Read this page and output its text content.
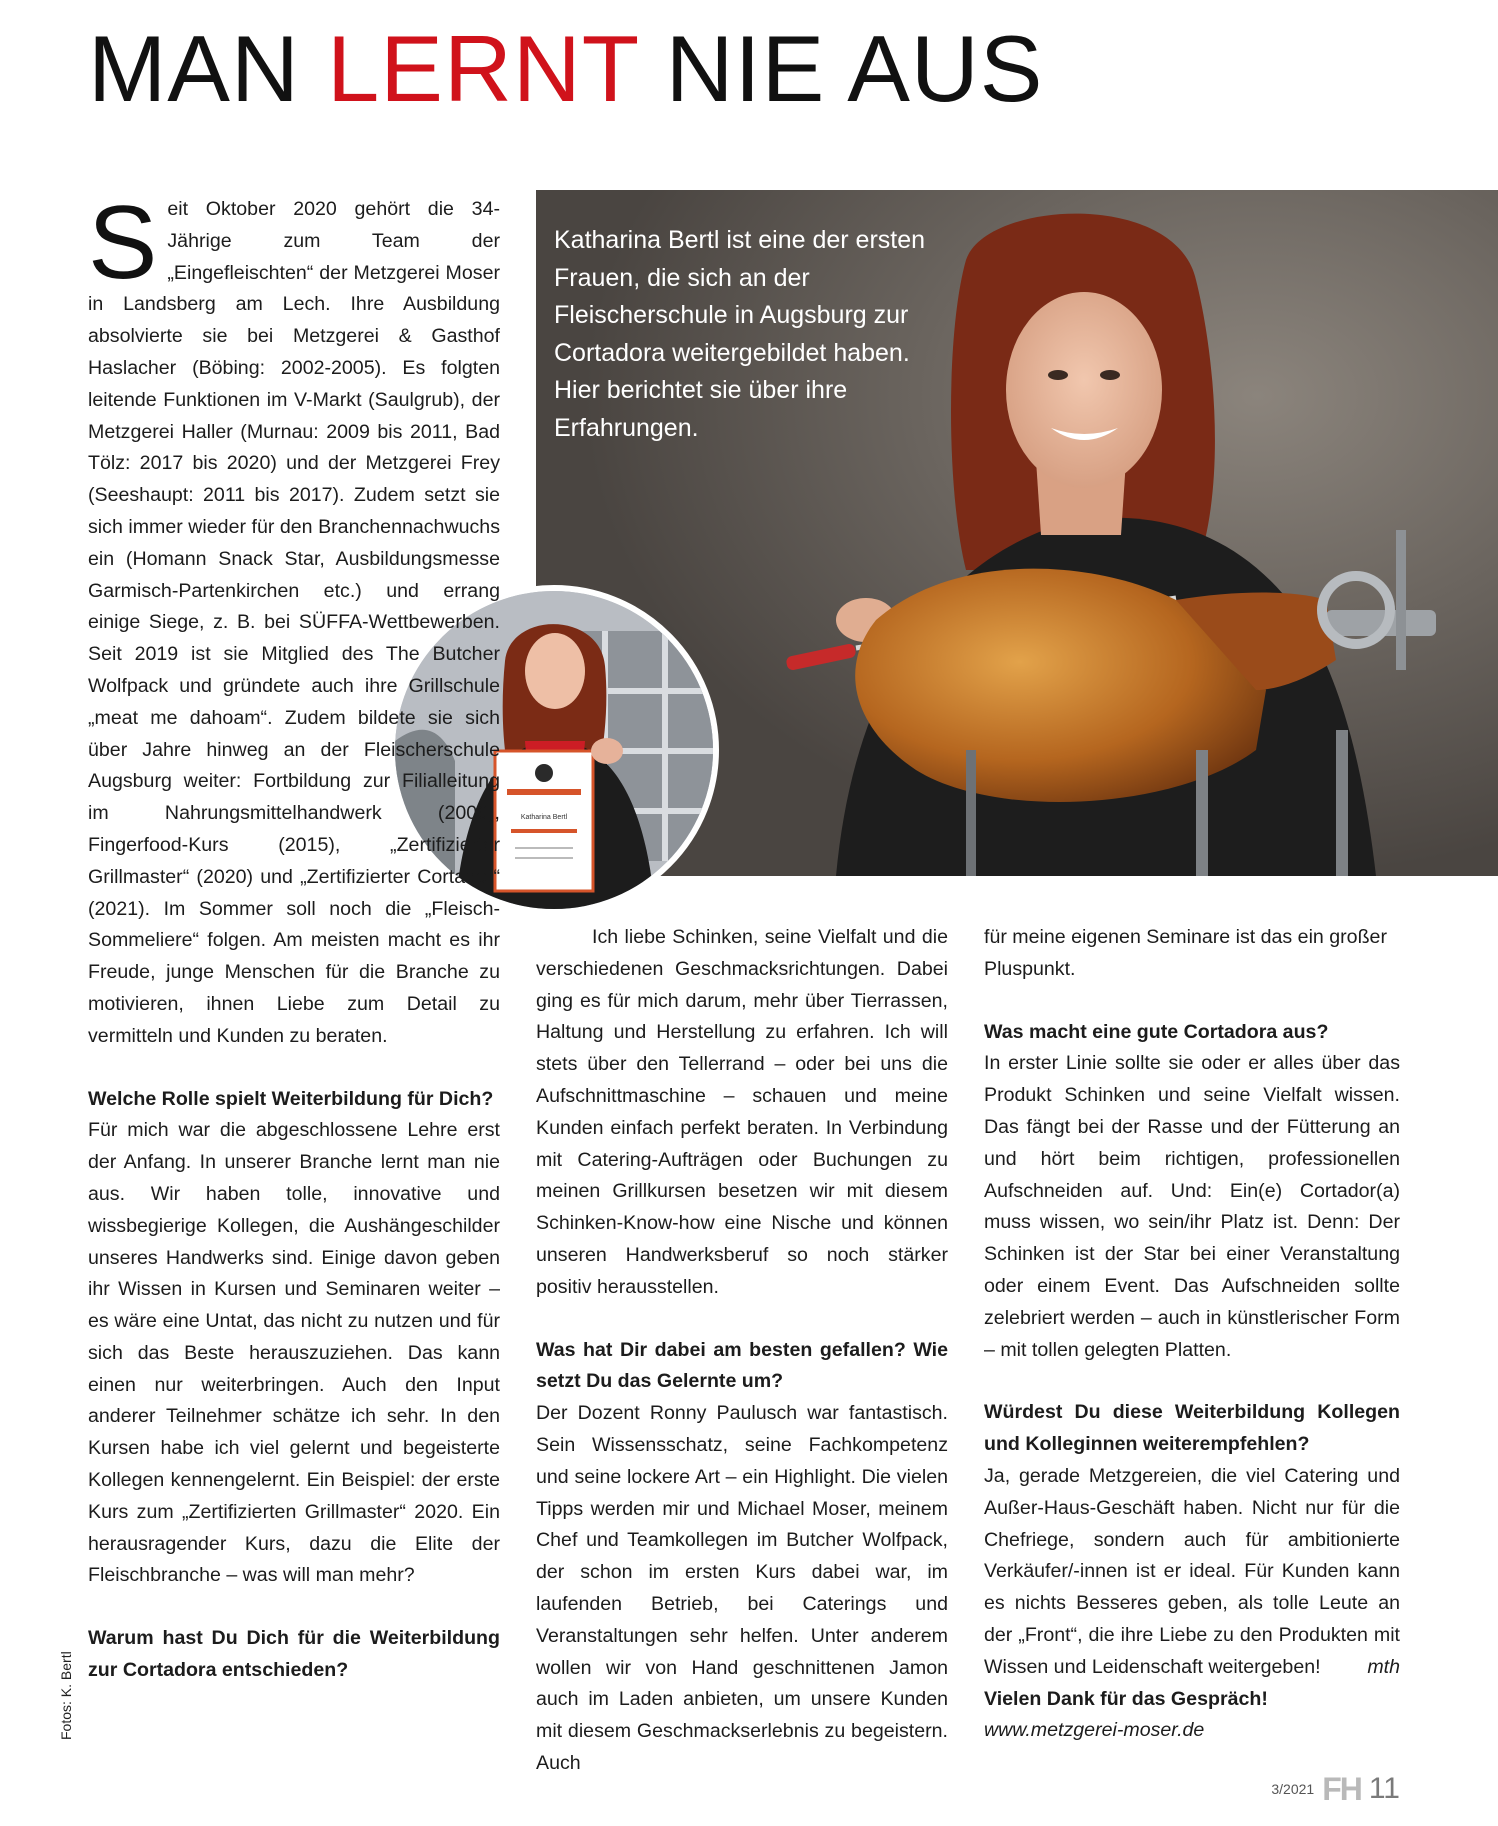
MAN LERNT NIE AUS
Katharina Bertl ist eine der ersten Frauen, die sich an der Fleischerschule in Augsburg zur Cortadora weitergebildet haben. Hier berichtet sie über ihre Erfahrungen.
Katharina Bertl

Seit Oktober 2020 gehört die 34-Jährige zum Team der „Eingefleischten“ der Metzgerei Moser in Landsberg am Lech. Ihre Ausbildung absolvierte sie bei Metzgerei & Gasthof Haslacher (Böbing: 2002-2005). Es folgten leitende Funktionen im V-Markt (Saulgrub), der Metzgerei Haller (Murnau: 2009 bis 2011, Bad Tölz: 2017 bis 2020) und der Metzgerei Frey (Seeshaupt: 2011 bis 2017). Zudem setzt sie sich immer wieder für den Branchennachwuchs ein (Homann Snack Star, Ausbildungsmesse Garmisch-Partenkirchen etc.) und errang einige Siege, z. B. bei SÜFFA-Wettbewerben. Seit 2019 ist sie Mitglied des The Butcher Wolfpack und gründete auch ihre Grillschule „meat me dahoam“. Zudem bildete sie sich über Jahre hinweg an der Fleischerschule Augsburg weiter: Fortbildung zur Filialleitung im Nahrungsmittelhandwerk (2006), Fingerfood-Kurs (2015), „Zertifizierter Grillmaster“ (2020) und „Zertifizierter Cortador“ (2021). Im Sommer soll noch die „Fleisch-Sommeliere“ folgen. Am meisten macht es ihr Freude, junge Menschen für die Branche zu motivieren, ihnen Liebe zum Detail zu vermitteln und Kunden zu beraten.

Welche Rolle spielt Weiterbildung für Dich?

Für mich war die abgeschlossene Lehre erst der Anfang. In unserer Branche lernt man nie aus. Wir haben tolle, innovative und wissbegierige Kollegen, die Aushängeschilder unseres Handwerks sind. Einige davon geben ihr Wissen in Kursen und Seminaren weiter – es wäre eine Untat, das nicht zu nutzen und für sich das Beste herauszuziehen. Das kann einen nur weiterbringen. Auch den Input anderer Teilnehmer schätze ich sehr. In den Kursen habe ich viel gelernt und begeisterte Kollegen kennengelernt. Ein Beispiel: der erste Kurs zum „Zertifizierten Grillmaster“ 2020. Ein herausragender Kurs, dazu die Elite der Fleischbranche – was will man mehr?

Warum hast Du Dich für die Weiterbildung zur Cortadora entschieden?

Ich liebe Schinken, seine Vielfalt und die verschiedenen Geschmacksrichtungen. Dabei ging es für mich darum, mehr über Tierrassen, Haltung und Herstellung zu erfahren. Ich will stets über den Tellerrand – oder bei uns die Aufschnittmaschine – schauen und meine Kunden einfach perfekt beraten. In Verbindung mit Catering-Aufträgen oder Buchungen zu meinen Grillkursen besetzen wir mit diesem Schinken-Know-how eine Nische und können unseren Handwerksberuf so noch stärker positiv herausstellen.

Was hat Dir dabei am besten gefallen? Wie setzt Du das Gelernte um?

Der Dozent Ronny Paulusch war fantastisch. Sein Wissensschatz, seine Fachkompetenz und seine lockere Art – ein Highlight. Die vielen Tipps werden mir und Michael Moser, meinem Chef und Teamkollegen im Butcher Wolfpack, der schon im ersten Kurs dabei war, im laufenden Betrieb, bei Caterings und Veranstaltungen sehr helfen. Unter anderem wollen wir von Hand geschnittenen Jamon auch im Laden anbieten, um unsere Kunden mit diesem Geschmackserlebnis zu begeistern. Auch

für meine eigenen Seminare ist das ein großer Pluspunkt.

Was macht eine gute Cortadora aus?

In erster Linie sollte sie oder er alles über das Produkt Schinken und seine Vielfalt wissen. Das fängt bei der Rasse und der Fütterung an und hört beim richtigen, professionellen Aufschneiden auf. Und: Ein(e) Cortador(a) muss wissen, wo sein/ihr Platz ist. Denn: Der Schinken ist der Star bei einer Veranstaltung oder einem Event. Das Aufschneiden sollte zelebriert werden – auch in künstlerischer Form – mit tollen gelegten Platten.

Würdest Du diese Weiterbildung Kollegen und Kolleginnen weiterempfehlen?

Ja, gerade Metzgereien, die viel Catering und Außer-Haus-Geschäft haben. Nicht nur für die Chefriege, sondern auch für ambitionierte Verkäufer/-innen ist er ideal. Für Kunden kann es nichts Besseres geben, als tolle Leute an der „Front“, die ihre Liebe zu den Produkten mit Wissen und Leidenschaft weitergeben! mth

Vielen Dank für das Gespräch!

www.metzgerei-moser.de

Fotos: K. Bertl
3/2021 FH 11
